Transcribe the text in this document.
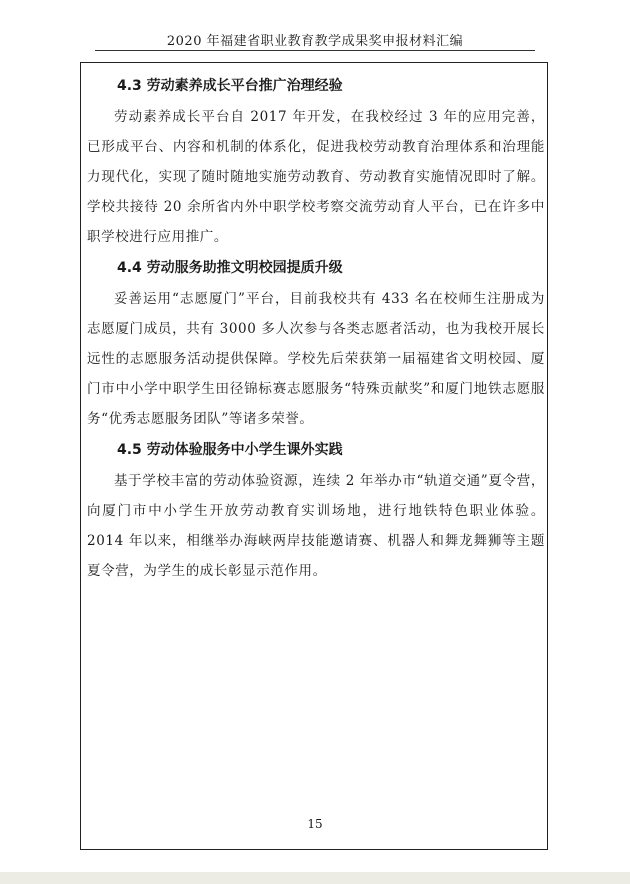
2020 年福建省职业教育教学成果奖申报材料汇编
4.3 劳动素养成长平台推广治理经验

劳动素养成长平台自 2017 年开发，在我校经过 3 年的应用完善，已形成平台、内容和机制的体系化，促进我校劳动教育治理体系和治理能力现代化，实现了随时随地实施劳动教育、劳动教育实施情况即时了解。学校共接待 20 余所省内外中职学校考察交流劳动育人平台，已在许多中职学校进行应用推广。

4.4 劳动服务助推文明校园提质升级

妥善运用“志愿厦门”平台，目前我校共有 433 名在校师生注册成为志愿厦门成员，共有 3000 多人次参与各类志愿者活动，也为我校开展长远性的志愿服务活动提供保障。学校先后荣获第一届福建省文明校园、厦门市中小学中职学生田径锦标赛志愿服务“特殊贡献奖”和厦门地铁志愿服务“优秀志愿服务团队”等诸多荣誉。

4.5 劳动体验服务中小学生课外实践

基于学校丰富的劳动体验资源，连续 2 年举办市“轨道交通”夏令营，向厦门市中小学生开放劳动教育实训场地，进行地铁特色职业体验。2014 年以来，相继举办海峡两岸技能邀请赛、机器人和舞龙舞狮等主题夏令营，为学生的成长彰显示范作用。

15
